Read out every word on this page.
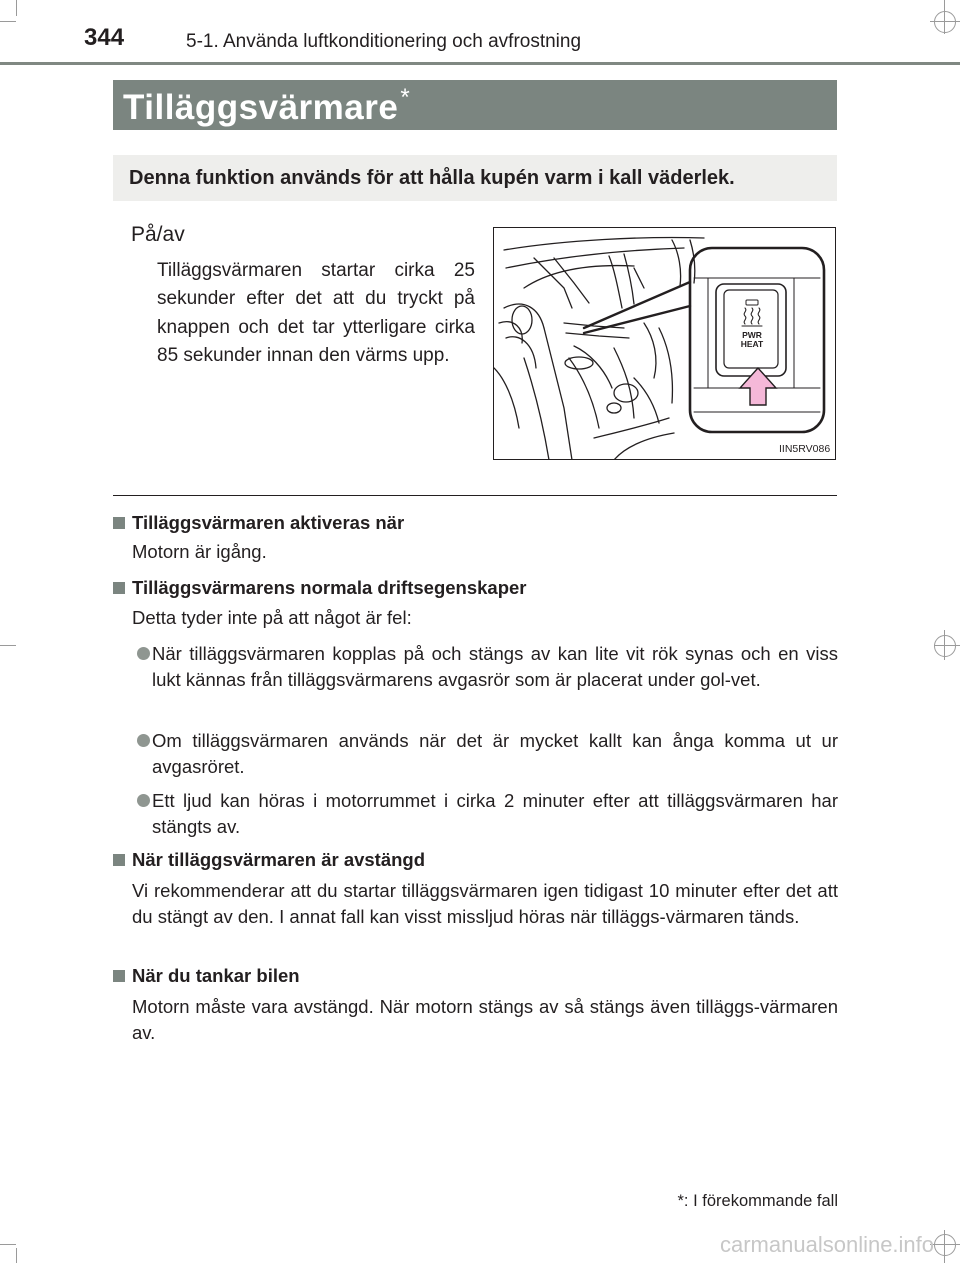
344	5-1. Använda luftkonditionering och avfrostning
Tilläggsvärmare*
Denna funktion används för att hålla kupén varm i kall väderlek.
På/av
Tilläggsvärmaren startar cirka 25 sekunder efter det att du tryckt på knappen och det tar ytterligare cirka 85 sekunder innan den värms upp.
PWR
HEAT
IIN5RV086
Tilläggsvärmaren aktiveras när
Motorn är igång.
Tilläggsvärmarens normala driftsegenskaper
Detta tyder inte på att något är fel:
När tilläggsvärmaren kopplas på och stängs av kan lite vit rök synas och en viss lukt kännas från tilläggsvärmarens avgasrör som är placerat under gol-vet.
Om tilläggsvärmaren används när det är mycket kallt kan ånga komma ut ur avgasröret.
Ett ljud kan höras i motorrummet i cirka 2 minuter efter att tilläggsvärmaren har stängts av.
När tilläggsvärmaren är avstängd
Vi rekommenderar att du startar tilläggsvärmaren igen tidigast 10 minuter efter det att du stängt av den. I annat fall kan visst missljud höras när tilläggs-värmaren tänds.
När du tankar bilen
Motorn måste vara avstängd. När motorn stängs av så stängs även tilläggs-värmaren av.
*: I förekommande fall
carmanualsonline.info
